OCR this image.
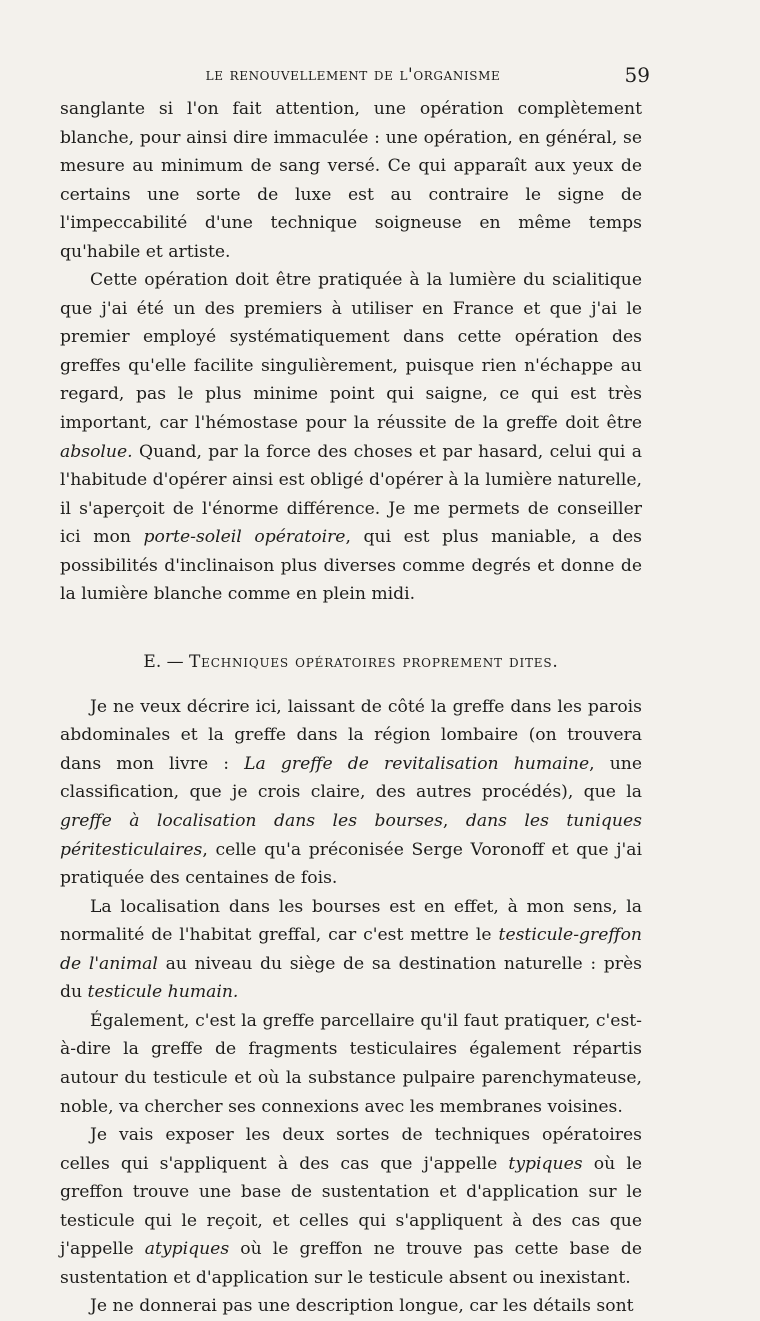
le renouvellement de l'organisme	59

sanglante si l'on fait attention, une opération complètement blanche, pour ainsi dire immaculée : une opération, en général, se mesure au minimum de sang versé. Ce qui apparaît aux yeux de certains une sorte de luxe est au contraire le signe de l'impeccabilité d'une technique soigneuse en même temps qu'habile et artiste.

Cette opération doit être pratiquée à la lumière du scialitique que j'ai été un des premiers à utiliser en France et que j'ai le premier employé systématiquement dans cette opération des greffes qu'elle facilite singulièrement, puisque rien n'échappe au regard, pas le plus minime point qui saigne, ce qui est très important, car l'hémostase pour la réussite de la greffe doit être absolue. Quand, par la force des choses et par hasard, celui qui a l'habitude d'opérer ainsi est obligé d'opérer à la lumière naturelle, il s'aperçoit de l'énorme différence. Je me permets de conseiller ici mon porte-soleil opératoire, qui est plus maniable, a des possibilités d'inclinaison plus diverses comme degrés et donne de la lumière blanche comme en plein midi.

E. — Techniques opératoires proprement dites.

Je ne veux décrire ici, laissant de côté la greffe dans les parois abdominales et la greffe dans la région lombaire (on trouvera dans mon livre : La greffe de revitalisation humaine, une classification, que je crois claire, des autres procédés), que la greffe à localisation dans les bourses, dans les tuniques péritesticulaires, celle qu'a préconisée Serge Voronoff et que j'ai pratiquée des centaines de fois.

La localisation dans les bourses est en effet, à mon sens, la normalité de l'habitat greffal, car c'est mettre le testicule-greffon de l'animal au niveau du siège de sa destination naturelle : près du testicule humain.

Également, c'est la greffe parcellaire qu'il faut pratiquer, c'est-à-dire la greffe de fragments testiculaires également répartis autour du testicule et où la substance pulpaire parenchymateuse, noble, va chercher ses connexions avec les membranes voisines.

Je vais exposer les deux sortes de techniques opératoires celles qui s'appliquent à des cas que j'appelle typiques où le greffon trouve une base de sustentation et d'application sur le testicule qui le reçoit, et celles qui s'appliquent à des cas que j'appelle atypiques où le greffon ne trouve pas cette base de sustentation et d'application sur le testicule absent ou inexistant.

Je ne donnerai pas une description longue, car les détails sont
